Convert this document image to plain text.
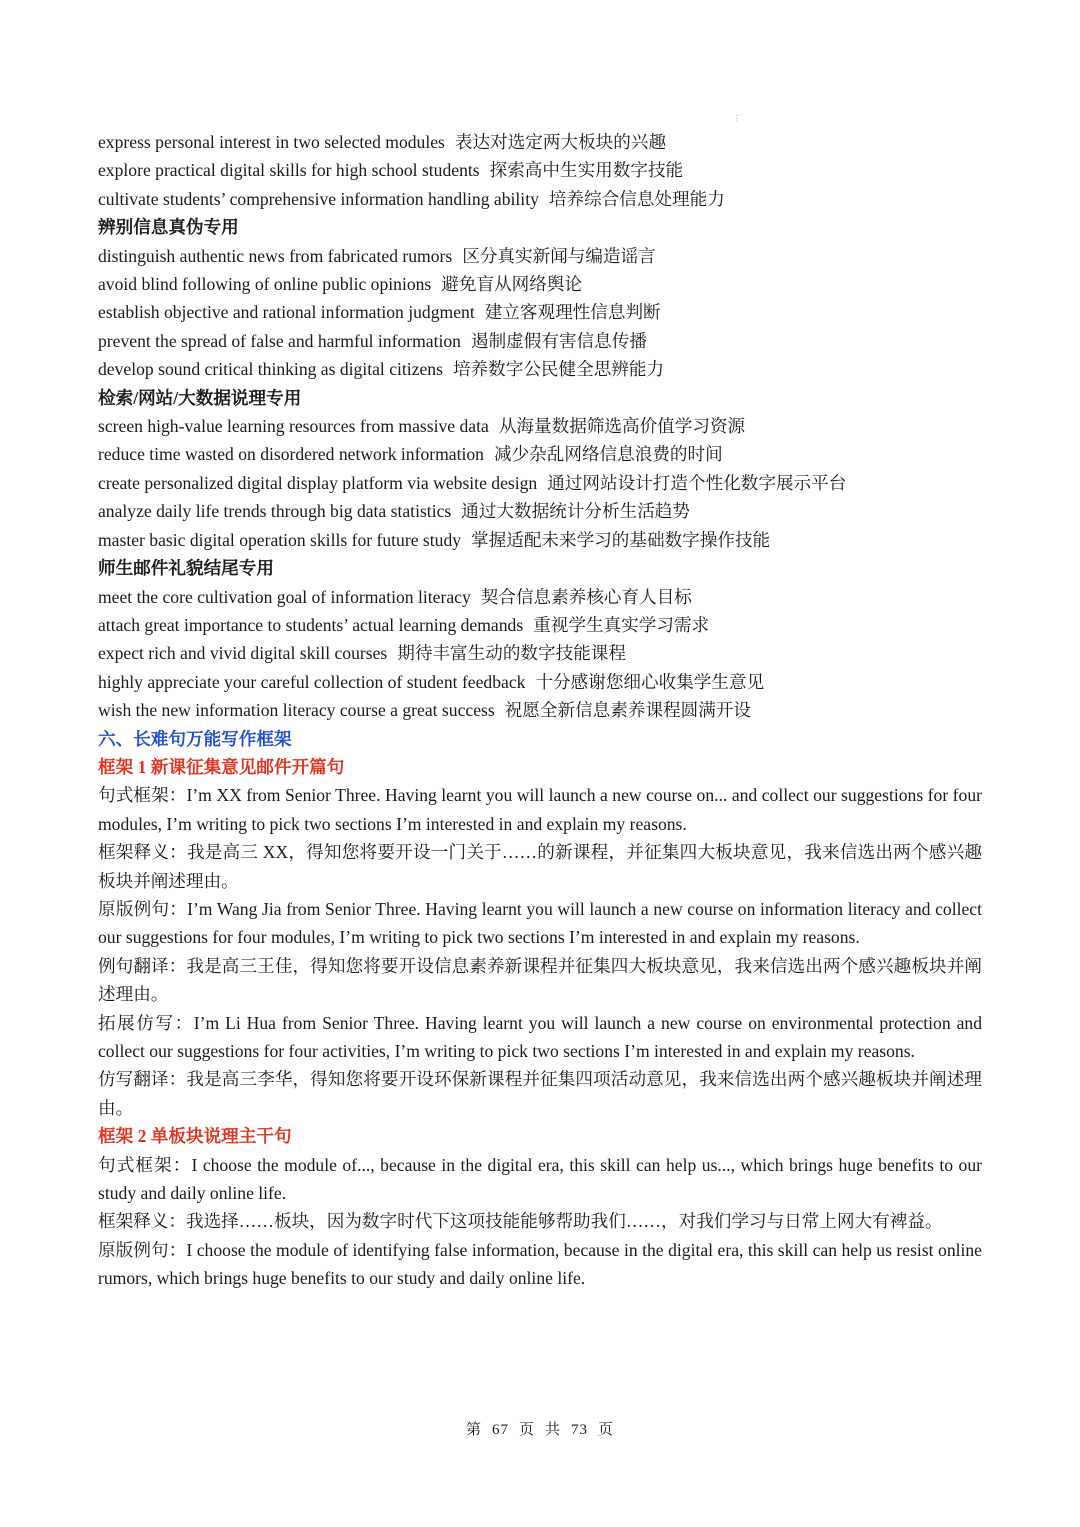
⋮
express personal interest in two selected modules 表达对选定两大板块的兴趣
explore practical digital skills for high school students 探索高中生实用数字技能
cultivate students’ comprehensive information handling ability 培养综合信息处理能力
辨别信息真伪专用
distinguish authentic news from fabricated rumors 区分真实新闻与编造谣言
avoid blind following of online public opinions 避免盲从网络舆论
establish objective and rational information judgment 建立客观理性信息判断
prevent the spread of false and harmful information 遏制虚假有害信息传播
develop sound critical thinking as digital citizens 培养数字公民健全思辨能力
检索/网站/大数据说理专用
screen high-value learning resources from massive data 从海量数据筛选高价值学习资源
reduce time wasted on disordered network information 减少杂乱网络信息浪费的时间
create personalized digital display platform via website design 通过网站设计打造个性化数字展示平台
analyze daily life trends through big data statistics 通过大数据统计分析生活趋势
master basic digital operation skills for future study 掌握适配未来学习的基础数字操作技能
师生邮件礼貌结尾专用
meet the core cultivation goal of information literacy 契合信息素养核心育人目标
attach great importance to students’ actual learning demands 重视学生真实学习需求
expect rich and vivid digital skill courses 期待丰富生动的数字技能课程
highly appreciate your careful collection of student feedback 十分感谢您细心收集学生意见
wish the new information literacy course a great success 祝愿全新信息素养课程圆满开设
六、长难句万能写作框架
框架 1 新课征集意见邮件开篇句
句式框架：I’m XX from Senior Three. Having learnt you will launch a new course on... and collect our suggestions for four modules, I’m writing to pick two sections I’m interested in and explain my reasons.
框架释义：我是高三 XX，得知您将要开设一门关于……的新课程，并征集四大板块意见，我来信选出两个感兴趣板块并阐述理由。
原版例句：I’m Wang Jia from Senior Three. Having learnt you will launch a new course on information literacy and collect our suggestions for four modules, I’m writing to pick two sections I’m interested in and explain my reasons.
例句翻译：我是高三王佳，得知您将要开设信息素养新课程并征集四大板块意见，我来信选出两个感兴趣板块并阐述理由。
拓展仿写：I’m Li Hua from Senior Three. Having learnt you will launch a new course on environmental protection and collect our suggestions for four activities, I’m writing to pick two sections I’m interested in and explain my reasons.
仿写翻译：我是高三李华，得知您将要开设环保新课程并征集四项活动意见，我来信选出两个感兴趣板块并阐述理由。
框架 2 单板块说理主干句
句式框架：I choose the module of..., because in the digital era, this skill can help us..., which brings huge benefits to our study and daily online life.
框架释义：我选择……板块，因为数字时代下这项技能能够帮助我们……，对我们学习与日常上网大有裨益。
原版例句：I choose the module of identifying false information, because in the digital era, this skill can help us resist online rumors, which brings huge benefits to our study and daily online life.
第 67 页 共 73 页
